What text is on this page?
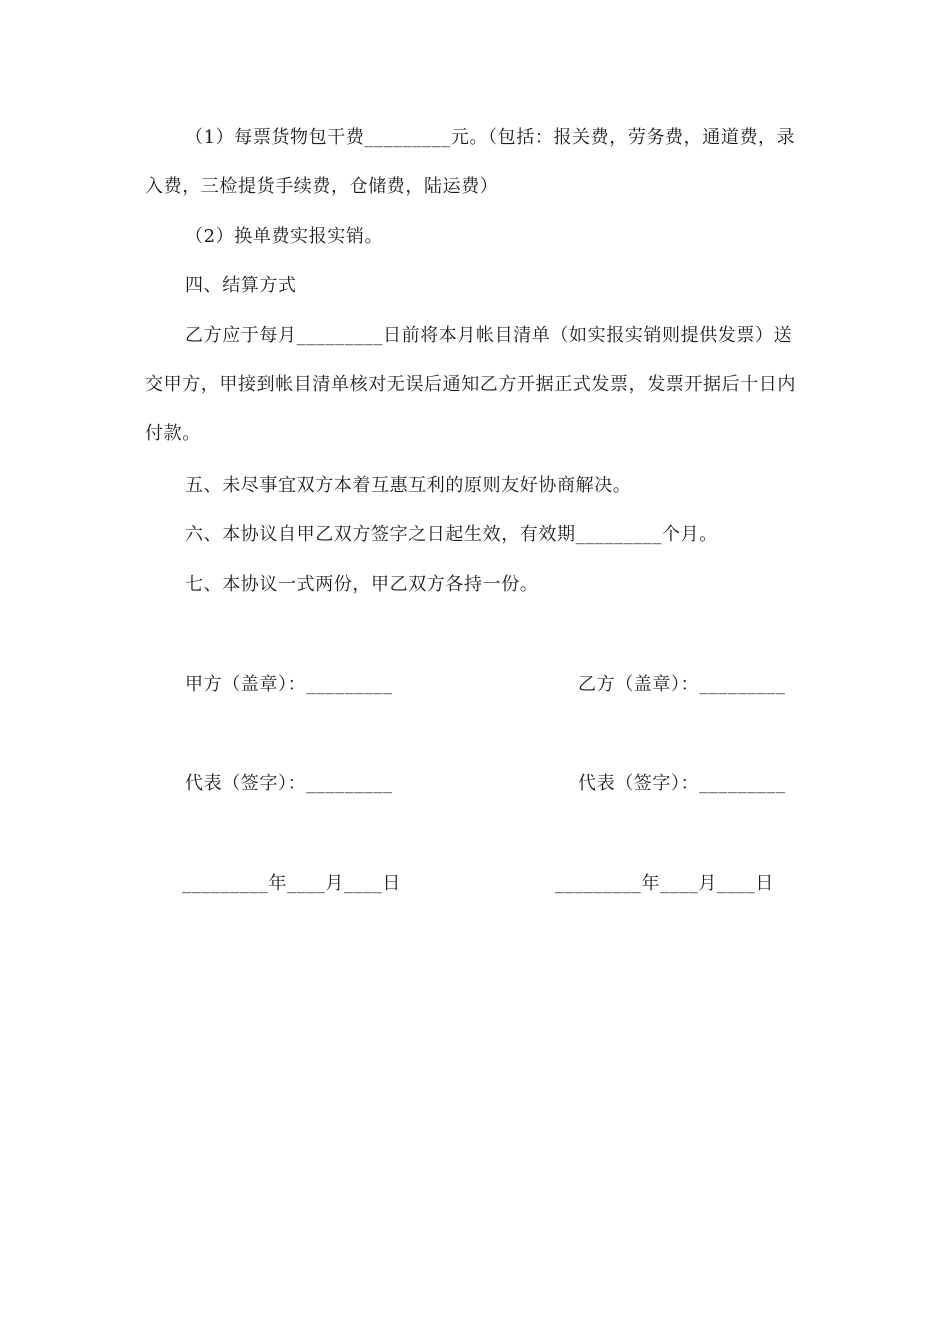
（1）每票货物包干费_________元。（包括：报关费，劳务费，通道费，录入费，三检提货手续费，仓储费，陆运费）

（2）换单费实报实销。

四、结算方式

乙方应于每月_________日前将本月帐目清单（如实报实销则提供发票）送交甲方，甲接到帐目清单核对无误后通知乙方开据正式发票，发票开据后十日内付款。

五、未尽事宜双方本着互惠互利的原则友好协商解决。

六、本协议自甲乙双方签字之日起生效，有效期_________个月。

七、本协议一式两份，甲乙双方各持一份。

甲方（盖章）：_________	乙方（盖章）：_________
代表（签字）：_________	代表（签字）：_________
_________年____月____日	_________年____月____日
